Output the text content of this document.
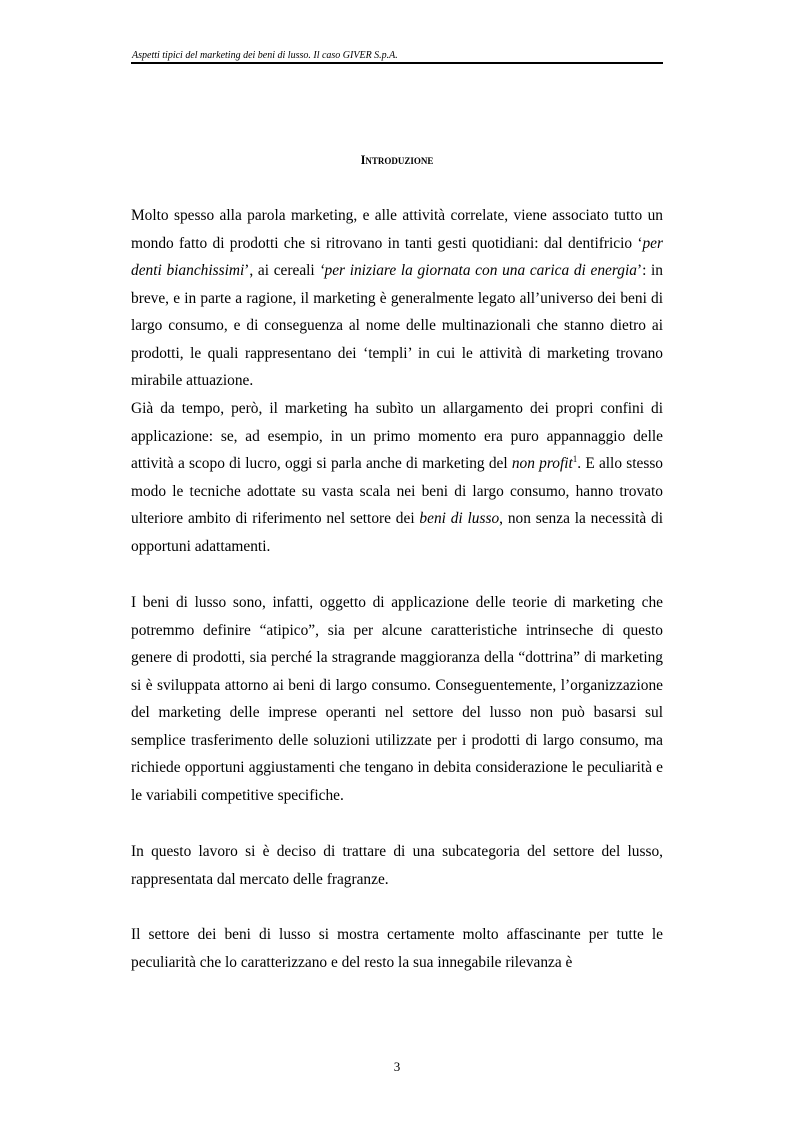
Aspetti tipici del marketing dei beni di lusso. Il caso GIVER S.p.A.
Introduzione

Molto spesso alla parola marketing, e alle attività correlate, viene associato tutto un mondo fatto di prodotti che si ritrovano in tanti gesti quotidiani: dal dentifricio ‘per denti bianchissimi’, ai cereali ‘per iniziare la giornata con una carica di energia’: in breve, e in parte a ragione, il marketing è generalmente legato all’universo dei beni di largo consumo, e di conseguenza al nome delle multinazionali che stanno dietro ai prodotti, le quali rappresentano dei ‘templi’ in cui le attività di marketing trovano mirabile attuazione.

Già da tempo, però, il marketing ha subìto un allargamento dei propri confini di applicazione: se, ad esempio, in un primo momento era puro appannaggio delle attività a scopo di lucro, oggi si parla anche di marketing del non profit$^1$. E allo stesso modo le tecniche adottate su vasta scala nei beni di largo consumo, hanno trovato ulteriore ambito di riferimento nel settore dei beni di lusso, non senza la necessità di opportuni adattamenti.

I beni di lusso sono, infatti, oggetto di applicazione delle teorie di marketing che potremmo definire “atipico”, sia per alcune caratteristiche intrinseche di questo genere di prodotti, sia perché la stragrande maggioranza della “dottrina” di marketing si è sviluppata attorno ai beni di largo consumo. Conseguentemente, l’organizzazione del marketing delle imprese operanti nel settore del lusso non può basarsi sul semplice trasferimento delle soluzioni utilizzate per i prodotti di largo consumo, ma richiede opportuni aggiustamenti che tengano in debita considerazione le peculiarità e le variabili competitive specifiche.

In questo lavoro si è deciso di trattare di una subcategoria del settore del lusso, rappresentata dal mercato delle fragranze.

Il settore dei beni di lusso si mostra certamente molto affascinante per tutte le peculiarità che lo caratterizzano e del resto la sua innegabile rilevanza è

3
